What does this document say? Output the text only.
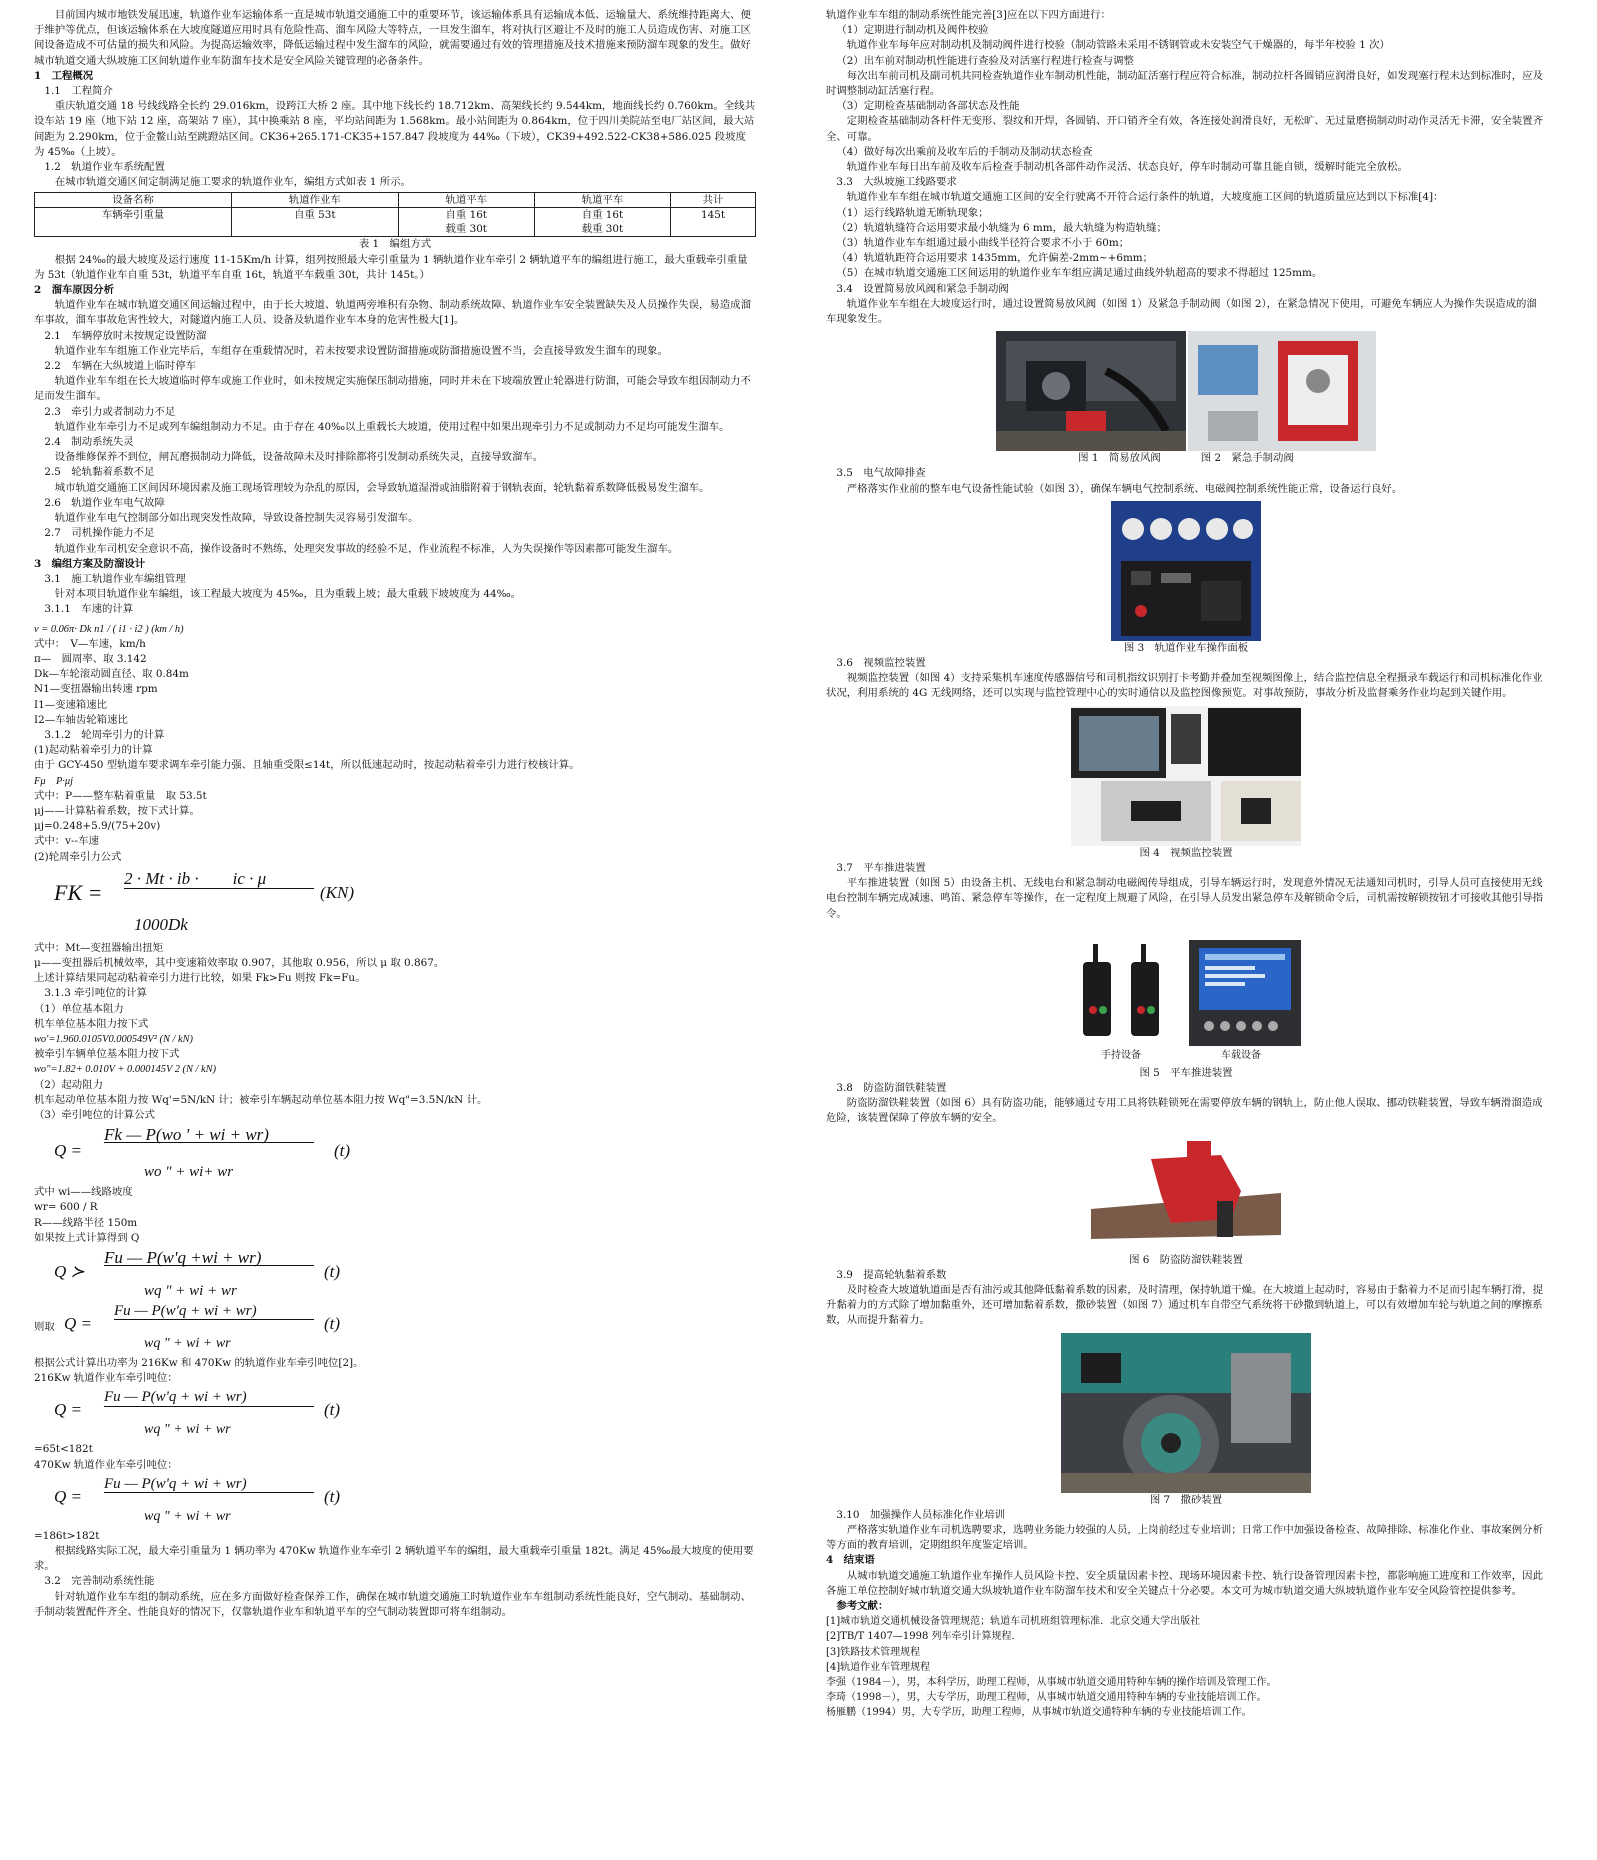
目前国内城市地铁发展迅速，轨道作业车运输体系一直是城市轨道交通施工中的重要环节，该运输体系具有运输成本低、运输量大、系统维持距离大、便于维护等优点，但该运输体系在大坡度隧道应用时具有危险性高、溜车风险大等特点，一旦发生溜车，将对执行区避让不及时的施工人员造成伤害、对施工区间设备造成不可估量的损失和风险。为提高运输效率，降低运输过程中发生溜车的风险，就需要通过有效的管理措施及技术措施来预防溜车现象的发生。做好城市轨道交通大纵坡施工区间轨道作业车防溜车技术是安全风险关键管理的必备条件。

1　工程概况

1.1　工程简介

重庆轨道交通 18 号线线路全长约 29.016km，设跨江大桥 2 座。其中地下线长约 18.712km、高架线长约 9.544km，地面线长约 0.760km。全线共设车站 19 座（地下站 12 座，高架站 7 座），其中换乘站 8 座，平均站间距为 1.568km。最小站间距为 0.864km，位于四川美院站至电厂站区间，最大站间距为 2.290km，位于金鳌山站至跳蹬站区间。CK36+265.171-CK35+157.847 段坡度为 44‰（下坡），CK39+492.522-CK38+586.025 段坡度为 45‰（上坡）。

1.2　轨道作业车系统配置

在城市轨道交通区间定制满足施工要求的轨道作业车，编组方式如表 1 所示。

设备名称	轨道作业车	轨道平车	轨道平车	共计
车辆牵引重量	自重 53t	自重 16t
载重 30t	自重 16t
载重 30t	145t

表 1　编组方式

根据 24‰的最大坡度及运行速度 11-15Km/h 计算，组列按照最大牵引重量为 1 辆轨道作业车牵引 2 辆轨道平车的编组进行施工，最大重载牵引重量为 53t（轨道作业车自重 53t，轨道平车自重 16t，轨道平车载重 30t，共计 145t。）

2　溜车原因分析

轨道作业车在城市轨道交通区间运输过程中，由于长大坡道、轨道两旁堆积有杂物、制动系统故障、轨道作业车安全装置缺失及人员操作失误，易造成溜车事故，溜车事故危害性较大，对隧道内施工人员、设备及轨道作业车本身的危害性极大[1]。

2.1　车辆停放时未按规定设置防溜

轨道作业车车组施工作业完毕后，车组存在重载情况时，若未按要求设置防溜措施或防溜措施设置不当，会直接导致发生溜车的现象。

2.2　车辆在大纵坡道上临时停车

轨道作业车车组在长大坡道临时停车或施工作业时，如未按规定实施保压制动措施，同时并未在下坡端放置止轮器进行防溜，可能会导致车组因制动力不足而发生溜车。

2.3　牵引力或者制动力不足

轨道作业车牵引力不足或列车编组制动力不足。由于存在 40‰以上重载长大坡道，使用过程中如果出现牵引力不足或制动力不足均可能发生溜车。

2.4　制动系统失灵

设备维修保养不到位，闸瓦磨损制动力降低，设备故障未及时排除都将引发制动系统失灵，直接导致溜车。

2.5　轮轨黏着系数不足

城市轨道交通施工区间因环境因素及施工现场管理较为杂乱的原因，会导致轨道湿滑或油脂附着于钢轨表面，轮轨黏着系数降低极易发生溜车。

2.6　轨道作业车电气故障

轨道作业车电气控制部分如出现突发性故障，导致设备控制失灵容易引发溜车。

2.7　司机操作能力不足

轨道作业车司机安全意识不高，操作设备时不熟练，处理突发事故的经验不足，作业流程不标准，人为失误操作等因素都可能发生溜车。

3　编组方案及防溜设计

3.1　施工轨道作业车编组管理

针对本项目轨道作业车编组，该工程最大坡度为 45‰，且为重载上坡；最大重载下坡坡度为 44‰。

3.1.1　车速的计算

v = 0.06π· Dk n1 / ( i1 · i2 ) (km / h)

式中：　V—车速，km/h

π—　圆周率、取 3.142

Dk—车轮滚动圆直径、取 0.84m

N1—变扭器输出转速 rpm

I1—变速箱速比

I2—车轴齿轮箱速比

3.1.2　轮周牵引力的计算

(1)起动粘着牵引力的计算

由于 GCY-450 型轨道车要求调车牵引能力强、且轴重受限≤14t，所以低速起动时，按起动粘着牵引力进行校核计算。

Fμ　P·μj

式中：P——整车粘着重量　取 53.5t

μj——计算粘着系数，按下式计算。

μj=0.248+5.9/(75+20v)

式中：v--车速

(2)轮周牵引力公式

FK =
2 · Mt · ib ·　　ic · μ
(KN)
1000Dk

式中：Mt—变扭器输出扭矩

μ——变扭器后机械效率，其中变速箱效率取 0.907，其他取 0.956，所以 μ 取 0.867。

上述计算结果同起动粘着牵引力进行比较，如果 Fk>Fu 则按 Fk=Fu。

3.1.3 牵引吨位的计算

（1）单位基本阻力

机车单位基本阻力按下式

wo'=1.960.0105V0.000549V² (N / kN)

被牵引车辆单位基本阻力按下式

wo"=1.82+ 0.010V + 0.000145V 2 (N / kN)

（2）起动阻力

机车起动单位基本阻力按 Wq'=5N/kN 计；被牵引车辆起动单位基本阻力按 Wq"=3.5N/kN 计。

（3）牵引吨位的计算公式

Q =
Fk — P(wo ' + wi + wr)
(t)
wo " + wi+ wr

式中 wi——线路坡度

wr= 600 / R

R——线路半径 150m

如果按上式计算得到 Q

Q ≻
Fu — P(w'q +wi + wr)
(t)
wq " + wi + wr
则取 Q =
Fu — P(w'q + wi + wr)
(t)
wq " + wi + wr

根据公式计算出功率为 216Kw 和 470Kw 的轨道作业车牵引吨位[2]。

216Kw 轨道作业车牵引吨位：

Q =
Fu — P(w'q + wi + wr)
(t)
wq " + wi + wr

=65t<182t

470Kw 轨道作业车牵引吨位：

Q =
Fu — P(w'q + wi + wr)
(t)
wq " + wi + wr

=186t>182t

根据线路实际工况，最大牵引重量为 1 辆功率为 470Kw 轨道作业车牵引 2 辆轨道平车的编组，最大重载牵引重量 182t。满足 45‰最大坡度的使用要求。

3.2　完善制动系统性能

针对轨道作业车车组的制动系统，应在多方面做好检查保养工作，确保在城市轨道交通施工时轨道作业车车组制动系统性能良好，空气制动、基础制动、手制动装置配件齐全、性能良好的情况下，仅靠轨道作业车和轨道平车的空气制动装置即可将车组制动。

轨道作业车车组的制动系统性能完善[3]应在以下四方面进行：

（1）定期进行制动机及阀件校验

轨道作业车每年应对制动机及制动阀件进行校验（制动管路未采用不锈钢管或未安装空气干燥器的，每半年校验 1 次）

（2）出车前对制动机性能进行查验及对活塞行程进行检查与调整

每次出车前司机及副司机共同检查轨道作业车制动机性能，制动缸活塞行程应符合标准，制动拉杆各圆销应润滑良好，如发现塞行程未达到标准时，应及时调整制动缸活塞行程。

（3）定期检查基础制动各部状态及性能

定期检查基础制动各杆件无变形、裂纹和开焊，各圆销、开口销齐全有效，各连接处润滑良好，无松旷、无过量磨损制动时动作灵活无卡滞，安全装置齐全、可靠。

（4）做好每次出乘前及收车后的手制动及制动状态检查

轨道作业车每日出车前及收车后检查手制动机各部件动作灵活、状态良好，停车时制动可靠且能自锁，缓解时能完全放松。

3.3　大纵坡施工线路要求

轨道作业车车组在城市轨道交通施工区间的安全行驶离不开符合运行条件的轨道，大坡度施工区间的轨道质量应达到以下标准[4]：

（1）运行线路轨道无断轨现象；

（2）轨道轨缝符合运用要求最小轨缝为 6 mm，最大轨缝为构造轨缝；

（3）轨道作业车车组通过最小曲线半径符合要求不小于 60m；

（4）轨道轨距符合运用要求 1435mm，允许偏差-2mm~+6mm；

（5）在城市轨道交通施工区间运用的轨道作业车车组应满足通过曲线外轨超高的要求不得超过 125mm。

3.4　设置简易放风阀和紧急手制动阀

轨道作业车车组在大坡度运行时，通过设置简易放风阀（如图 1）及紧急手制动阀（如图 2），在紧急情况下使用，可避免车辆应人为操作失误造成的溜车现象发生。

图 1　简易放风阀	图 2　紧急手制动阀

3.5　电气故障排查

严格落实作业前的整车电气设备性能试验（如图 3），确保车辆电气控制系统、电磁阀控制系统性能正常，设备运行良好。

图 3　轨道作业车操作面板

3.6　视频监控装置

视频监控装置（如图 4）支持采集机车速度传感器信号和司机指纹识别打卡考勤并叠加至视频图像上，结合监控信息全程摄录车载运行和司机标准化作业状况，利用系统的 4G 无线网络，还可以实现与监控管理中心的实时通信以及监控图像预览。对事故预防，事故分析及监督乘务作业均起到关键作用。

图 4　视频监控装置

3.7　平车推进装置

平车推进装置（如图 5）由设备主机、无线电台和紧急制动电磁阀传导组成，引导车辆运行时，发现意外情况无法通知司机时，引导人员可直接使用无线电台控制车辆完成减速、鸣笛、紧急停车等操作，在一定程度上规避了风险，在引导人员发出紧急停车及解锁命令后，司机需按解锁按钮才可接收其他引导指令。

手持设备	车载设备

图 5　平车推进装置

3.8　防盗防溜铁鞋装置

防盗防溜铁鞋装置（如图 6）具有防盗功能，能够通过专用工具将铁鞋锁死在需要停放车辆的钢轨上，防止他人误取、挪动铁鞋装置，导致车辆滑溜造成危险，该装置保障了停放车辆的安全。

图 6　防盗防溜铁鞋装置

3.9　提高轮轨黏着系数

及时检查大坡道轨道面是否有油污或其他降低黏着系数的因素，及时清理，保持轨道干燥。在大坡道上起动时，容易由于黏着力不足而引起车辆打滑，提升黏着力的方式除了增加黏重外，还可增加黏着系数，撒砂装置（如图 7）通过机车自带空气系统将干砂撒到轨道上，可以有效增加车轮与轨道之间的摩擦系数，从而提升黏着力。

图 7　撒砂装置

3.10　加强操作人员标准化作业培训

严格落实轨道作业车司机选聘要求，选聘业务能力较强的人员，上岗前经过专业培训；日常工作中加强设备检查、故障排除、标准化作业、事故案例分析等方面的教育培训，定期组织年度鉴定培训。

4　结束语

从城市轨道交通施工轨道作业车操作人员风险卡控、安全质量因素卡控、现场环境因素卡控、轨行设备管理因素卡控，都影响施工进度和工作效率，因此各施工单位控制好城市轨道交通大纵坡轨道作业车防溜车技术和安全关键点十分必要。本文可为城市轨道交通大纵坡轨道作业车安全风险管控提供参考。

参考文献：

[1]城市轨道交通机械设备管理规范；轨道车司机班组管理标准．北京交通大学出版社

[2]TB/T 1407—1998 列车牵引计算规程．

[3]铁路技术管理规程

[4]轨道作业车管理规程

李强（1984－），男，本科学历，助理工程师，从事城市轨道交通用特种车辆的操作培训及管理工作。

李琦（1998－），男，大专学历，助理工程师，从事城市轨道交通用特种车辆的专业技能培训工作。

杨雁鹏（1994）男，大专学历，助理工程师，从事城市轨道交通特种车辆的专业技能培训工作。
